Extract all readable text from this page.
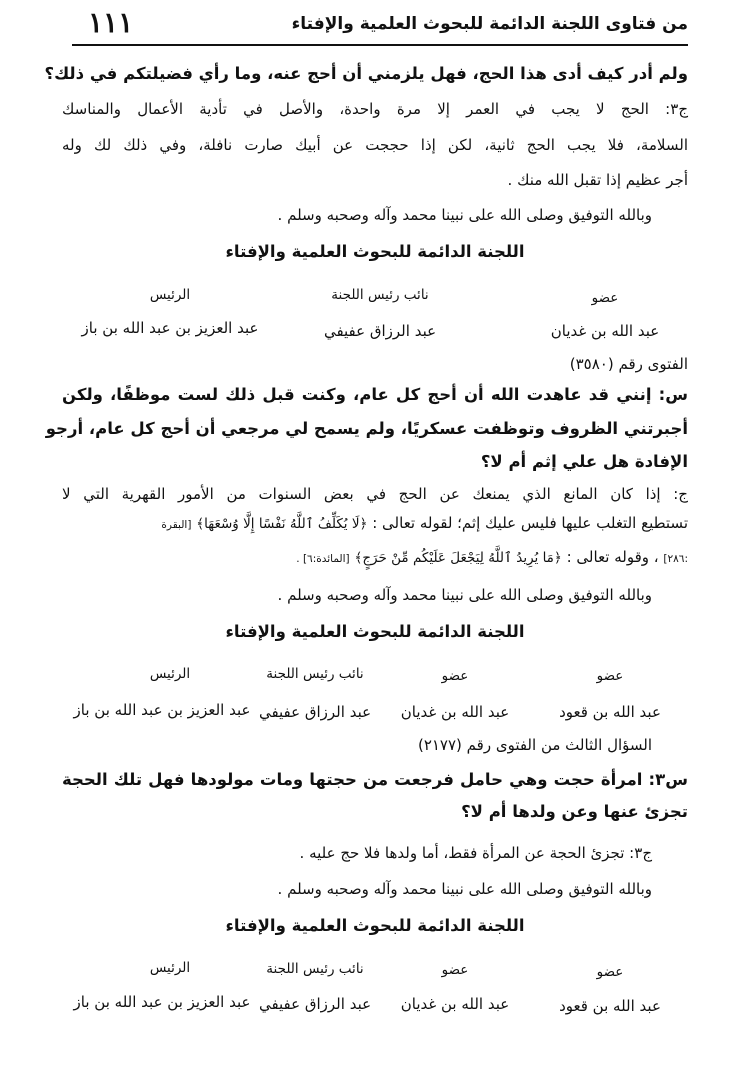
من فتاوى اللجنة الدائمة للبحوث العلمية والإفتاء
١١١
ولم أدر كيف أدى هذا الحج، فهل يلزمني أن أحج عنه، وما رأي فضيلتكم في ذلك؟
ج٣: الحج لا يجب في العمر إلا مرة واحدة، والأصل في تأدية الأعمال والمناسك
السلامة، فلا يجب الحج ثانية، لكن إذا حججت عن أبيك صارت نافلة، وفي ذلك لك وله
أجر عظيم إذا تقبل الله منك .
وبالله التوفيق وصلى الله على نبينا محمد وآله وصحبه وسلم .
اللجنة الدائمة للبحوث العلمية والإفتاء
عضو
عبد الله بن غديان
نائب رئيس اللجنة
عبد الرزاق عفيفي
الرئيس
عبد العزيز بن عبد الله بن باز
الفتوى رقم (٣٥٨٠)
س: إنني قد عاهدت الله أن أحج كل عام، وكنت قبل ذلك لست موظفًا، ولكن
أجبرتني الظروف وتوظفت عسكريًا، ولم يسمح لي مرجعي أن أحج كل عام، أرجو
الإفادة هل علي إثم أم لا؟
ج: إذا كان المانع الذي يمنعك عن الحج في بعض السنوات من الأمور القهرية التي لا
تستطيع التغلب عليها فليس عليك إثم؛ لقوله تعالى : ﴿لَا يُكَلِّفُ ٱللَّهُ نَفْسًا إِلَّا وُسْعَهَا﴾ [البقرة
:٢٨٦] ، وقوله تعالى : ﴿مَا يُرِيدُ ٱللَّهُ لِيَجْعَلَ عَلَيْكُم مِّنْ حَرَجٍ﴾ [المائدة:٦] .
وبالله التوفيق وصلى الله على نبينا محمد وآله وصحبه وسلم .
اللجنة الدائمة للبحوث العلمية والإفتاء
عضو
عبد الله بن قعود
عضو
عبد الله بن غديان
نائب رئيس اللجنة
عبد الرزاق عفيفي
الرئيس
عبد العزيز بن عبد الله بن باز
السؤال الثالث من الفتوى رقم (٢١٧٧)
س٣: امرأة حجت وهي حامل فرجعت من حجتها ومات مولودها فهل تلك الحجة
تجزئ عنها وعن ولدها أم لا؟
ج٣: تجزئ الحجة عن المرأة فقط، أما ولدها فلا حج عليه .
وبالله التوفيق وصلى الله على نبينا محمد وآله وصحبه وسلم .
اللجنة الدائمة للبحوث العلمية والإفتاء
عضو
عبد الله بن قعود
عضو
عبد الله بن غديان
نائب رئيس اللجنة
عبد الرزاق عفيفي
الرئيس
عبد العزيز بن عبد الله بن باز
